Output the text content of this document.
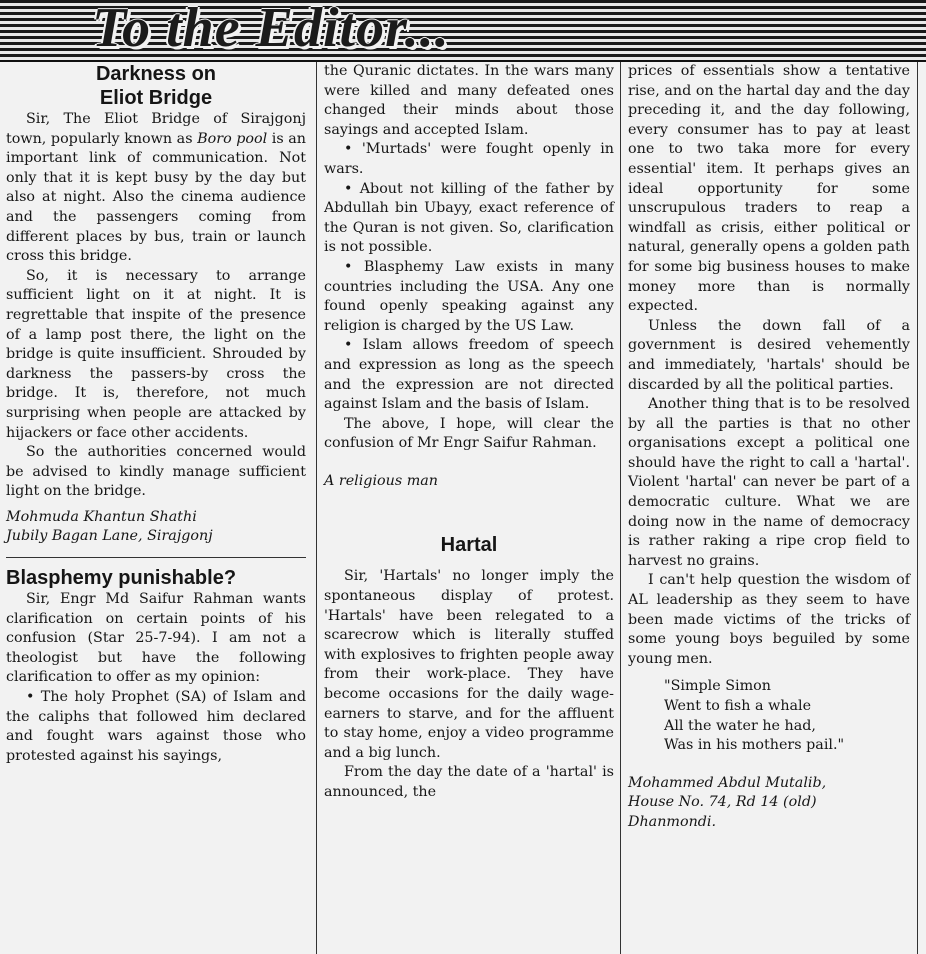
To the Editor...
Darkness on
Eliot Bridge

Sir, The Eliot Bridge of Sirajgonj town, popularly known as Boro pool is an important link of communication. Not only that it is kept busy by the day but also at night. Also the cinema audience and the passengers coming from different places by bus, train or launch cross this bridge.

So, it is necessary to arrange sufficient light on it at night. It is regrettable that inspite of the presence of a lamp post there, the light on the bridge is quite insufficient. Shrouded by darkness the passers-by cross the bridge. It is, therefore, not much surprising when people are attacked by hijackers or face other accidents.

So the authorities concerned would be advised to kindly manage sufficient light on the bridge.

Mohmuda Khantun Shathi

Jubily Bagan Lane, Sirajgonj

Blasphemy punishable?

Sir, Engr Md Saifur Rahman wants clarification on certain points of his confusion (Star 25-7-94). I am not a theologist but have the following clarification to offer as my opinion:

• The holy Prophet (SA) of Islam and the caliphs that followed him declared and fought wars against those who protested against his sayings,

the Quranic dictates. In the wars many were killed and many defeated ones changed their minds about those sayings and accepted Islam.

• 'Murtads' were fought openly in wars.

• About not killing of the father by Abdullah bin Ubayy, exact reference of the Quran is not given. So, clarification is not possible.

• Blasphemy Law exists in many countries including the USA. Any one found openly speaking against any religion is charged by the US Law.

• Islam allows freedom of speech and expression as long as the speech and the expression are not directed against Islam and the basis of Islam.

The above, I hope, will clear the confusion of Mr Engr Saifur Rahman.

A religious man

Hartal

Sir, 'Hartals' no longer imply the spontaneous display of protest. 'Hartals' have been relegated to a scarecrow which is literally stuffed with explosives to frighten people away from their work-place. They have become occasions for the daily wage-earners to starve, and for the affluent to stay home, enjoy a video programme and a big lunch.

From the day the date of a 'hartal' is announced, the

prices of essentials show a tentative rise, and on the hartal day and the day preceding it, and the day following, every consumer has to pay at least one to two taka more for every essential' item. It perhaps gives an ideal opportunity for some unscrupulous traders to reap a windfall as crisis, either political or natural, generally opens a golden path for some big business houses to make money more than is normally expected.

Unless the down fall of a government is desired vehemently and immediately, 'hartals' should be discarded by all the political parties.

Another thing that is to be resolved by all the parties is that no other organisations except a political one should have the right to call a 'hartal'. Violent 'hartal' can never be part of a democratic culture. What we are doing now in the name of democracy is rather raking a ripe crop field to harvest no grains.

I can't help question the wisdom of AL leadership as they seem to have been made victims of the tricks of some young boys beguiled by some young men.

"Simple Simon
Went to fish a whale
All the water he had,
Was in his mothers pail."

Mohammed Abdul Mutalib,

House No. 74, Rd 14 (old)

Dhanmondi.
